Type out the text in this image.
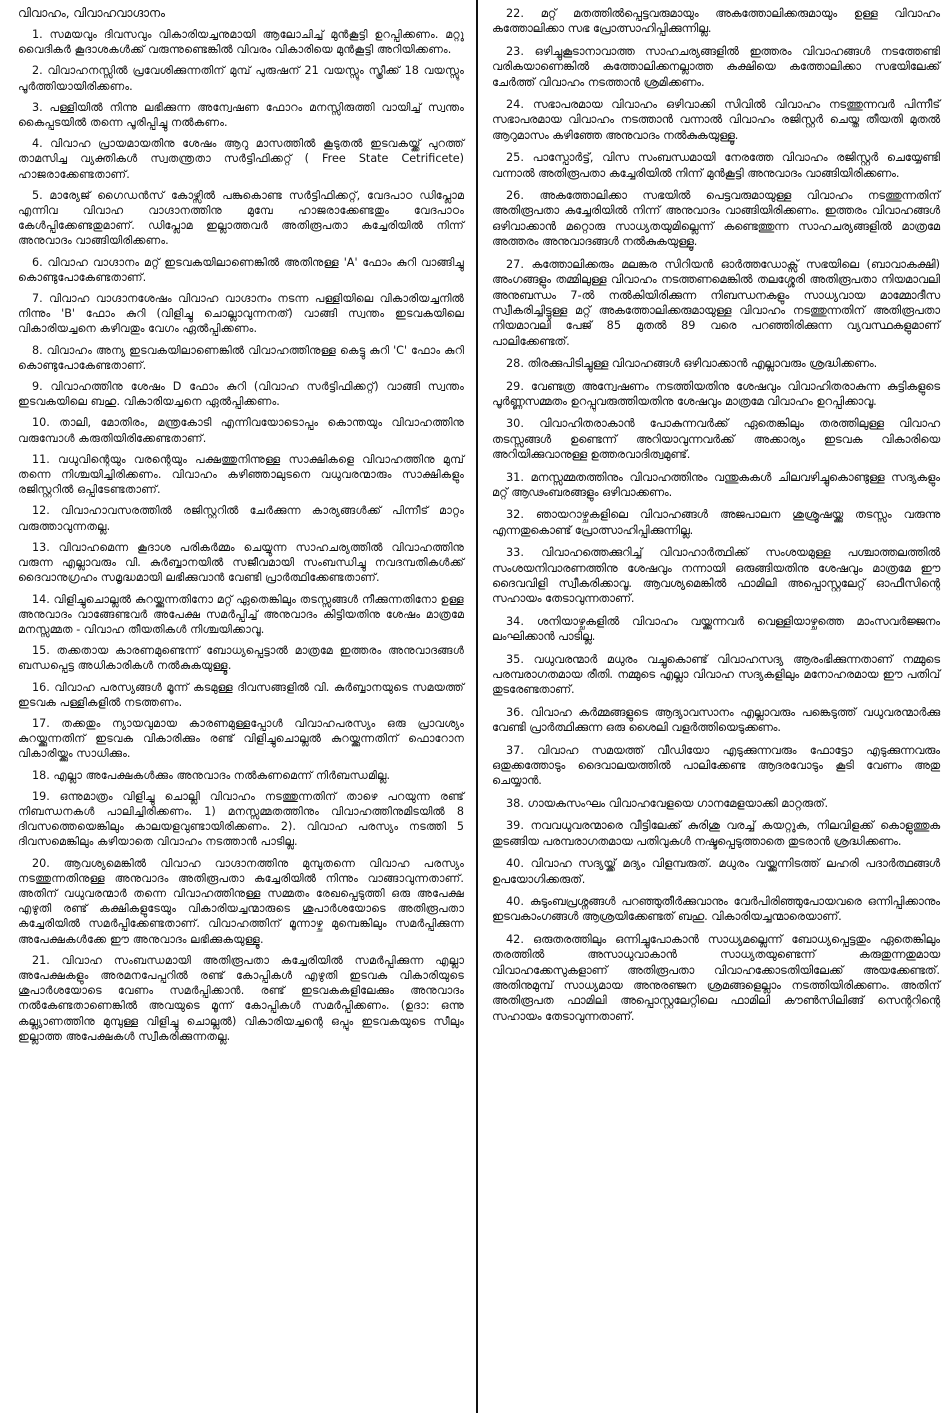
വിവാഹം, വിവാഹവാഗ്ദാനം

1. സമയവും ദിവസവും വികാരിയച്ചനുമായി ആലോചിച്ച് മുൻകൂട്ടി ഉറപ്പിക്കണം. മറ്റു വൈദികർ കൂദാശകൾക്ക് വരുന്നുണ്ടെങ്കിൽ വിവരം വികാരിയെ മുൻകൂട്ടി അറിയിക്കണം.

2. വിവാഹനസ്സിൽ പ്രവേശിക്കുന്നതിന് മുമ്പ് പുരുഷന് 21 വയസ്സും സ്ത്രീക്ക് 18 വയസ്സും പൂർത്തിയായിരിക്കണം.

3. പള്ളിയിൽ നിന്നു ലഭിക്കുന്ന അന്വേഷണ ഫോറം മനസ്സിരുത്തി വായിച്ച് സ്വന്തം കൈപ്പടയിൽ തന്നെ പൂരിപ്പിച്ചു നൽകണം.

4. വിവാഹ പ്രായമായതിനു ശേഷം ആറു മാസത്തിൽ കൂടുതൽ ഇടവകയ്ക്ക് പുറത്ത് താമസിച്ച വ്യക്തികൾ സ്വതന്ത്രതാ സർട്ടിഫിക്കറ്റ് ( Free State Cetrificete) ഹാജരാക്കേണ്ടതാണ്.

5. മാര്യേജ് ഗൈഡൻസ് കോഴ്സിൽ പങ്കുകൊണ്ട സർട്ടിഫിക്കറ്റ്, വേദപാഠ ഡിപ്ലോമ എന്നിവ വിവാഹ വാഗ്ദാനത്തിനു മുമ്പേ ഹാജരാക്കേണ്ടതും വേദപാഠം കേൾപ്പിക്കേണ്ടതുമാണ്. ഡിപ്ലോമ ഇല്ലാത്തവർ അതിരൂപതാ കച്ചേരിയിൽ നിന്ന് അനുവാദം വാങ്ങിയിരിക്കണം.

6. വിവാഹ വാഗ്ദാനം മറ്റ് ഇടവകയിലാണെങ്കിൽ അതിനുള്ള 'A' ഫോം കുറി വാങ്ങിച്ചു കൊണ്ടുപോകേണ്ടതാണ്.

7. വിവാഹ വാഗ്ദാനശേഷം വിവാഹ വാഗ്ദാനം നടന്ന പള്ളിയിലെ വികാരിയച്ചനിൽ നിന്നും 'B' ഫോം കുറി (വിളിച്ചു ചൊല്ലാവുന്നനത്) വാങ്ങി സ്വന്തം ഇടവകയിലെ വികാരിയച്ചനെ കഴിവതും വേഗം ഏൽപ്പിക്കണം.

8. വിവാഹം അന്യ ഇടവകയിലാണെങ്കിൽ വിവാഹത്തിനുള്ള കെട്ടു കുറി 'C' ഫോം കുറി കൊണ്ടുപോകേണ്ടതാണ്.

9. വിവാഹത്തിനു ശേഷം D ഫോം കുറി (വിവാഹ സർട്ടിഫിക്കറ്റ്) വാങ്ങി സ്വന്തം ഇടവകയിലെ ബഹു. വികാരിയച്ചനെ ഏൽപ്പിക്കണം.

10. താലി, മോതിരം, മന്ത്രകോടി എന്നിവയോടൊപ്പം കൊന്തയും വിവാഹത്തിനു വരുമ്പോൾ കരുതിയിരിക്കേണ്ടതാണ്.

11. വധുവിന്റെയും വരന്റെയും പക്ഷത്തുനിന്നുള്ള സാക്ഷികളെ വിവാഹത്തിനു മുമ്പ് തന്നെ നിശ്ചയിച്ചിരിക്കണം. വിവാഹം കഴിഞ്ഞാലുടനെ വധുവരന്മാരും സാക്ഷികളും രജിസ്റ്ററിൽ ഒപ്പിടേണ്ടതാണ്.

12. വിവാഹാവസരത്തിൽ രജിസ്റ്ററിൽ ചേർക്കുന്ന കാര്യങ്ങൾക്ക് പിന്നീട് മാറ്റം വരുത്താവുന്നതല്ല.

13. വിവാഹമെന്ന കൂദാശ പരികർമ്മം ചെയ്യുന്ന സാഹചര്യത്തിൽ വിവാഹത്തിനു വരുന്ന എല്ലാവരും വി. കുർബ്ബാനയിൽ സജീവമായി സംബന്ധിച്ചു നവദമ്പതികൾക്ക് ദൈവാനുഗ്രഹം സമൃദ്ധമായി ലഭിക്കുവാൻ വേണ്ടി പ്രാർത്ഥിക്കേണ്ടതാണ്.

14. വിളിച്ചുചൊല്ലൽ കുറയ്ക്കുന്നതിനോ മറ്റ് ഏതെങ്കിലും തടസ്സങ്ങൾ നീക്കുന്നതിനോ ഉള്ള അനുവാദം വാങ്ങേണ്ടവർ അപേക്ഷ സമർപ്പിച്ച് അനുവാദം കിട്ടിയതിനു ശേഷം മാത്രമേ മനസ്സമ്മത - വിവാഹ തീയതികൾ നിശ്ചയിക്കാവൂ.

15. തക്കതായ കാരണമുണ്ടെന്ന് ബോധ്യപ്പെട്ടാൽ മാത്രമേ ഇത്തരം അനുവാദങ്ങൾ ബന്ധപ്പെട്ട അധികാരികൾ നൽകുകയുള്ളൂ.

16. വിവാഹ പരസ്യങ്ങൾ മൂന്ന് കടമുള്ള ദിവസങ്ങളിൽ വി. കുർബ്ബാനയുടെ സമയത്ത് ഇടവക പള്ളികളിൽ നടത്തണം.

17. തക്കതും ന്യായവുമായ കാരണമുള്ളപ്പോൾ വിവാഹപരസ്യം ഒരു പ്രാവശ്യം കുറയ്ക്കുന്നതിന് ഇടവക വികാരിക്കും രണ്ട് വിളിച്ചുചൊല്ലൽ കുറയ്ക്കുന്നതിന് ഫൊറോന വികാരിയ്ക്കും സാധിക്കും.

18. എല്ലാ അപേക്ഷകൾക്കും അനുവാദം നൽകണമെന്ന് നിർബന്ധമില്ല.

19. ഒന്നുമാത്രം വിളിച്ചു ചൊല്ലി വിവാഹം നടത്തുന്നതിന് താഴെ പറയുന്ന രണ്ട് നിബന്ധനകൾ പാലിച്ചിരിക്കണം. 1) മനസ്സമ്മതത്തിനും വിവാഹത്തിനുമിടയിൽ 8 ദിവസത്തെയെങ്കിലും കാലയളവുണ്ടായിരിക്കണം. 2). വിവാഹ പരസ്യം നടത്തി 5 ദിവസമെങ്കിലും കഴിയാതെ വിവാഹം നടത്താൻ പാടില്ല.

20. ആവശ്യമെങ്കിൽ വിവാഹ വാഗ്ദാനത്തിനു മുമ്പുതന്നെ വിവാഹ പരസ്യം നടത്തുന്നതിനുള്ള അനുവാദം അതിരൂപതാ കച്ചേരിയിൽ നിന്നും വാങ്ങാവുന്നതാണ്. അതിന് വധുവരന്മാർ തന്നെ വിവാഹത്തിനുള്ള സമ്മതം രേഖപ്പെടുത്തി ഒരു അപേക്ഷ എഴുതി രണ്ട് കക്ഷികളുടേയും വികാരിയച്ചന്മാരുടെ ശുപാർശയോടെ അതിരൂപതാ കച്ചേരിയിൽ സമർപ്പിക്കേണ്ടതാണ്. വിവാഹത്തിന് മൂന്നാഴ്ച മുമ്പെങ്കിലും സമർപ്പിക്കുന്ന അപേക്ഷകൾക്കേ ഈ അനുവാദം ലഭിക്കുകയുള്ളൂ.

21. വിവാഹ സംബന്ധമായി അതിരൂപതാ കച്ചേരിയിൽ സമർപ്പിക്കുന്ന എല്ലാ അപേക്ഷകളും അരമനപേപ്പറിൽ രണ്ട് കോപ്പികൾ എഴുതി ഇടവക വികാരിയുടെ ശുപാർശയോടെ വേണം സമർപ്പിക്കാൻ. രണ്ട് ഇടവകകളിലേക്കും അനുവാദം നൽകേണ്ടതാണെങ്കിൽ അവയുടെ മൂന്ന് കോപ്പികൾ സമർപ്പിക്കണം. (ഉദാ: ഒന്നു കല്ല്യാണത്തിനു മുമ്പുള്ള വിളിച്ചു ചൊല്ലൽ) വികാരിയച്ചന്റെ ഒപ്പും ഇടവകയുടെ സീലും ഇല്ലാത്ത അപേക്ഷകൾ സ്വീകരിക്കുന്നതല്ല.

22. മറ്റ് മതത്തിൽപ്പെട്ടവരുമായും അകത്തോലിക്കരുമായും ഉള്ള വിവാഹം കത്തോലിക്കാ സഭ പ്രോത്സാഹിപ്പിക്കുന്നില്ല.

23. ഒഴിച്ചുകൂടാനാവാത്ത സാഹചര്യങ്ങളിൽ ഇത്തരം വിവാഹങ്ങൾ നടത്തേണ്ടി വരികയാണെങ്കിൽ കത്തോലിക്കനല്ലാത്ത കക്ഷിയെ കത്തോലിക്കാ സഭയിലേക്ക് ചേർത്ത് വിവാഹം നടത്താൻ ശ്രമിക്കണം.

24. സഭാപരമായ വിവാഹം ഒഴിവാക്കി സിവിൽ വിവാഹം നടത്തുന്നവർ പിന്നീട് സഭാപരമായ വിവാഹം നടത്താൻ വന്നാൽ വിവാഹം രജിസ്റ്റർ ചെയ്ത തീയതി മുതൽ ആറുമാസം കഴിഞ്ഞേ അനുവാദം നൽകുകയുള്ളൂ.

25. പാസ്പോർട്ട്, വിസ സംബന്ധമായി നേരത്തേ വിവാഹം രജിസ്റ്റർ ചെയ്യേണ്ടി വന്നാൽ അതിരൂപതാ കച്ചേരിയിൽ നിന്ന് മുൻകൂട്ടി അനുവാദം വാങ്ങിയിരിക്കണം.

26. അകത്തോലിക്കാ സഭയിൽ പെട്ടവരുമായുള്ള വിവാഹം നടത്തുന്നതിന് അതിരൂപതാ കച്ചേരിയിൽ നിന്ന് അനുവാദം വാങ്ങിയിരിക്കണം. ഇത്തരം വിവാഹങ്ങൾ ഒഴിവാക്കാൻ മറ്റൊരു സാധ്യതയുമില്ലെന്ന് കണ്ടെത്തുന്ന സാഹചര്യങ്ങളിൽ മാത്രമേ അത്തരം അനുവാദങ്ങൾ നൽകുകയുള്ളൂ.

27. കത്തോലിക്കരും മലങ്കര സിറിയൻ ഓർത്തഡോക്സ് സഭയിലെ (ബാവാകക്ഷി) അംഗങ്ങളും തമ്മിലുള്ള വിവാഹം നടത്തണമെങ്കിൽ തലശ്ശേരി അതിരൂപതാ നിയമാവലി അനുബന്ധം 7-ൽ നൽകിയിരിക്കുന്ന നിബന്ധനകളും സാധ്യവായ മാമ്മോദീസ സ്വീകരിച്ചിട്ടുള്ള മറ്റ് അകത്തോലിക്കരുമായുള്ള വിവാഹം നടത്തുന്നതിന് അതിരൂപതാ നിയമാവലി പേജ് 85 മുതൽ 89 വരെ പറഞ്ഞിരിക്കുന്ന വ്യവസ്ഥകളുമാണ് പാലിക്കേണ്ടത്.

28. തിരക്കുപിടിച്ചുള്ള വിവാഹങ്ങൾ ഒഴിവാക്കാൻ എല്ലാവരും ശ്രദ്ധിക്കണം.

29. വേണ്ടത്ര അന്വേഷണം നടത്തിയതിനു ശേഷവും വിവാഹിതരാകുന്ന കുട്ടികളുടെ പൂർണ്ണസമ്മതം ഉറപ്പുവരുത്തിയതിനു ശേഷവും മാത്രമേ വിവാഹം ഉറപ്പിക്കാവൂ.

30. വിവാഹിതരാകാൻ പോകുന്നവർക്ക് ഏതെങ്കിലും തരത്തിലുള്ള വിവാഹ തടസ്സങ്ങൾ ഉണ്ടെന്ന് അറിയാവുന്നവർക്ക് അക്കാര്യം ഇടവക വികാരിയെ അറിയിക്കുവാനുള്ള ഉത്തരവാദിത്വമുണ്ട്.

31. മനസ്സമ്മതത്തിനും വിവാഹത്തിനും വന്തുകകൾ ചിലവഴിച്ചുകൊണ്ടുള്ള സദ്യകളും മറ്റ് ആഢംബരങ്ങളും ഒഴിവാക്കണം.

32. ഞായറാഴ്ചകളിലെ വിവാഹങ്ങൾ അജപാലന ശുശ്രൂഷയ്ക്കു തടസ്സം വരുന്നു എന്നതുകൊണ്ട് പ്രോത്സാഹിപ്പിക്കുന്നില്ല.

33. വിവാഹത്തെക്കുറിച്ച് വിവാഹാർത്ഥിക്ക് സംശയമുള്ള പശ്ചാത്തലത്തിൽ സംശയനിവാരണത്തിനു ശേഷവും നന്നായി ഒരുങ്ങിയതിനു ശേഷവും മാത്രമേ ഈ ദൈവവിളി സ്വീകരിക്കാവൂ. ആവശ്യമെങ്കിൽ ഫാമിലി അപ്പൊസ്റ്റലേറ്റ് ഓഫീസിന്റെ സഹായം തേടാവുന്നതാണ്.

34. ശനിയാഴ്ചകളിൽ വിവാഹം വയ്ക്കുന്നവർ വെള്ളിയാഴ്ചത്തെ മാംസവർജ്ജനം ലംഘിക്കാൻ പാടില്ല.

35. വധുവരന്മാർ മധുരം വച്ചുകൊണ്ട് വിവാഹസദ്യ ആരംഭിക്കുന്നതാണ് നമ്മുടെ പരമ്പരാഗതമായ രീതി. നമ്മുടെ എല്ലാ വിവാഹ സദ്യകളിലും മനോഹരമായ ഈ പതിവ് തുടരേണ്ടതാണ്.

36. വിവാഹ കർമ്മങ്ങളുടെ ആദ്യാവസാനം എല്ലാവരും പങ്കെടുത്ത് വധുവരന്മാർക്കു വേണ്ടി പ്രാർത്ഥിക്കുന്ന ഒരു ശൈലി വളർത്തിയെടുക്കണം.

37. വിവാഹ സമയത്ത് വീഡിയോ എടുക്കുന്നവരും ഫോട്ടോ എടുക്കുന്നവരും ഒതുക്കത്തോടും ദൈവാലയത്തിൽ പാലിക്കേണ്ട ആദരവോടും കൂടി വേണം അതു ചെയ്യാൻ.

38. ഗായകസംഘം വിവാഹവേളയെ ഗാനമേളയാക്കി മാറ്റരുത്.

39. നവവധുവരന്മാരെ വീട്ടിലേക്ക് കുരിശു വരച്ച് കയറ്റുക, നിലവിളക്ക് കൊളുത്തുക തുടങ്ങിയ പരമ്പരാഗതമായ പതിവുകൾ നഷ്ടപ്പെടുത്താതെ തുടരാൻ ശ്രദ്ധിക്കണം.

40. വിവാഹ സദ്യയ്ക്ക് മദ്യം വിളമ്പരുത്. മധുരം വയ്ക്കുന്നിടത്ത് ലഹരി പദാർത്ഥങ്ങൾ ഉപയോഗിക്കരുത്.

40. കുടുംബപ്രശ്നങ്ങൾ പറഞ്ഞുതീർക്കുവാനും വേർപിരിഞ്ഞുപോയവരെ ഒന്നിപ്പിക്കാനും ഇടവകാംഗങ്ങൾ ആശ്രയിക്കേണ്ടത് ബഹു. വികാരിയച്ചന്മാരെയാണ്.

42. ഒരുതരത്തിലും ഒന്നിച്ചുപോകാൻ സാധ്യമല്ലെന്ന് ബോധ്യപ്പെട്ടതും ഏതെങ്കിലും തരത്തിൽ അസാധുവാകാൻ സാധ്യതയുണ്ടെന്ന് കരുതുന്നതുമായ വിവാഹക്കേസുകളാണ് അതിരൂപതാ വിവാഹക്കോടതിയിലേക്ക് അയക്കേണ്ടത്. അതിനുമുമ്പ് സാധ്യമായ അനുരഞ്ജന ശ്രമങ്ങളെല്ലാം നടത്തിയിരിക്കണം. അതിന് അതിരൂപത ഫാമിലി അപ്പൊസ്റ്റലേറ്റിലെ ഫാമിലി കൗൺസിലിങ്ങ് സെന്ററിന്റെ സഹായം തേടാവുന്നതാണ്.
